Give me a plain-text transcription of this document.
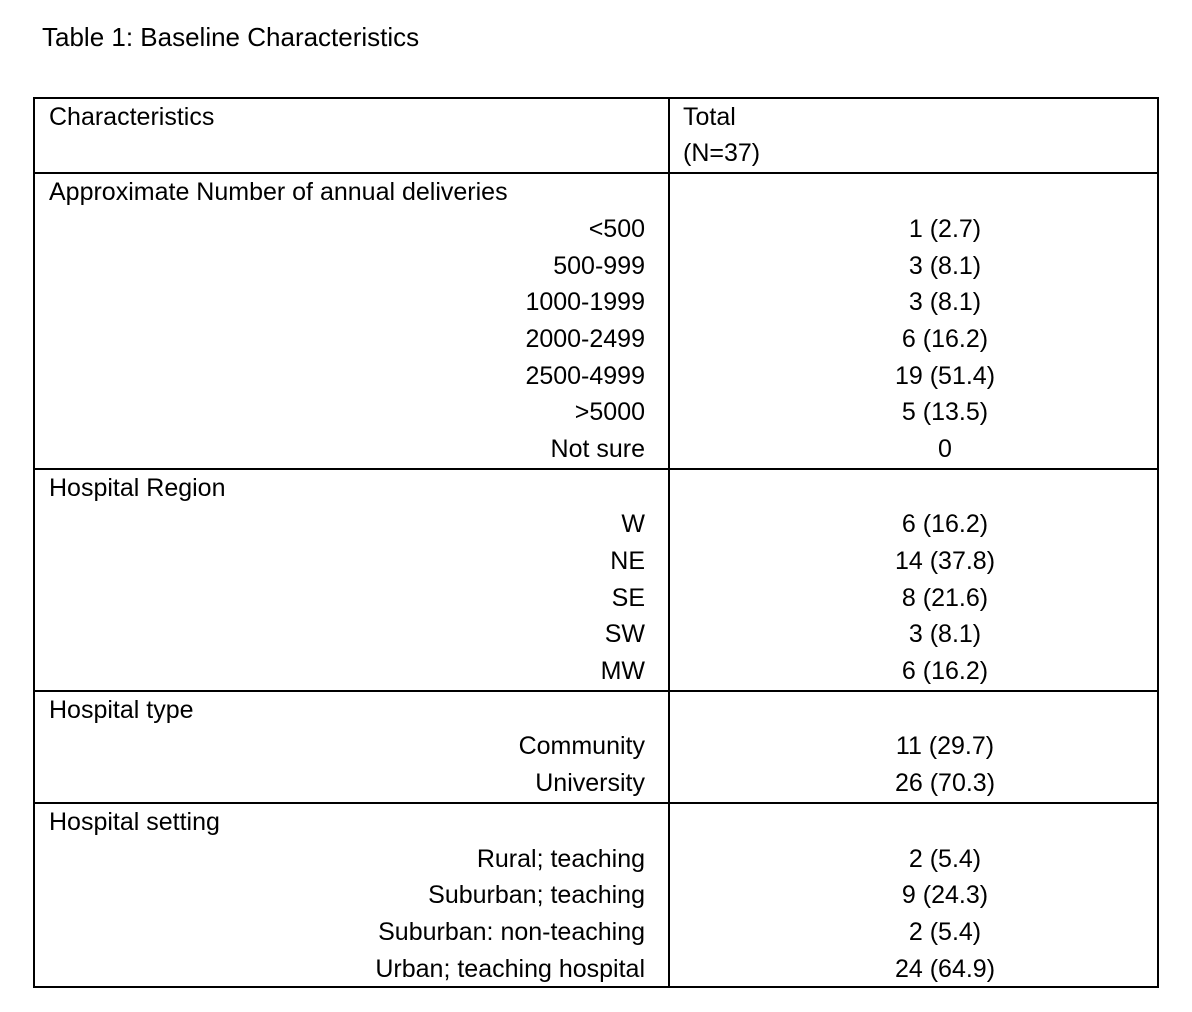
Table 1: Baseline Characteristics
Characteristics	Total
(N=37)
Approximate Number of annual deliveries
<500	1 (2.7)
500-999	3 (8.1)
1000-1999	3 (8.1)
2000-2499	6 (16.2)
2500-4999	19 (51.4)
>5000	5 (13.5)
Not sure	0
Hospital Region
W	6 (16.2)
NE	14 (37.8)
SE	8 (21.6)
SW	3 (8.1)
MW	6 (16.2)
Hospital type
Community	11 (29.7)
University	26 (70.3)
Hospital setting
Rural; teaching	2 (5.4)
Suburban; teaching	9 (24.3)
Suburban: non-teaching	2 (5.4)
Urban; teaching hospital	24 (64.9)
